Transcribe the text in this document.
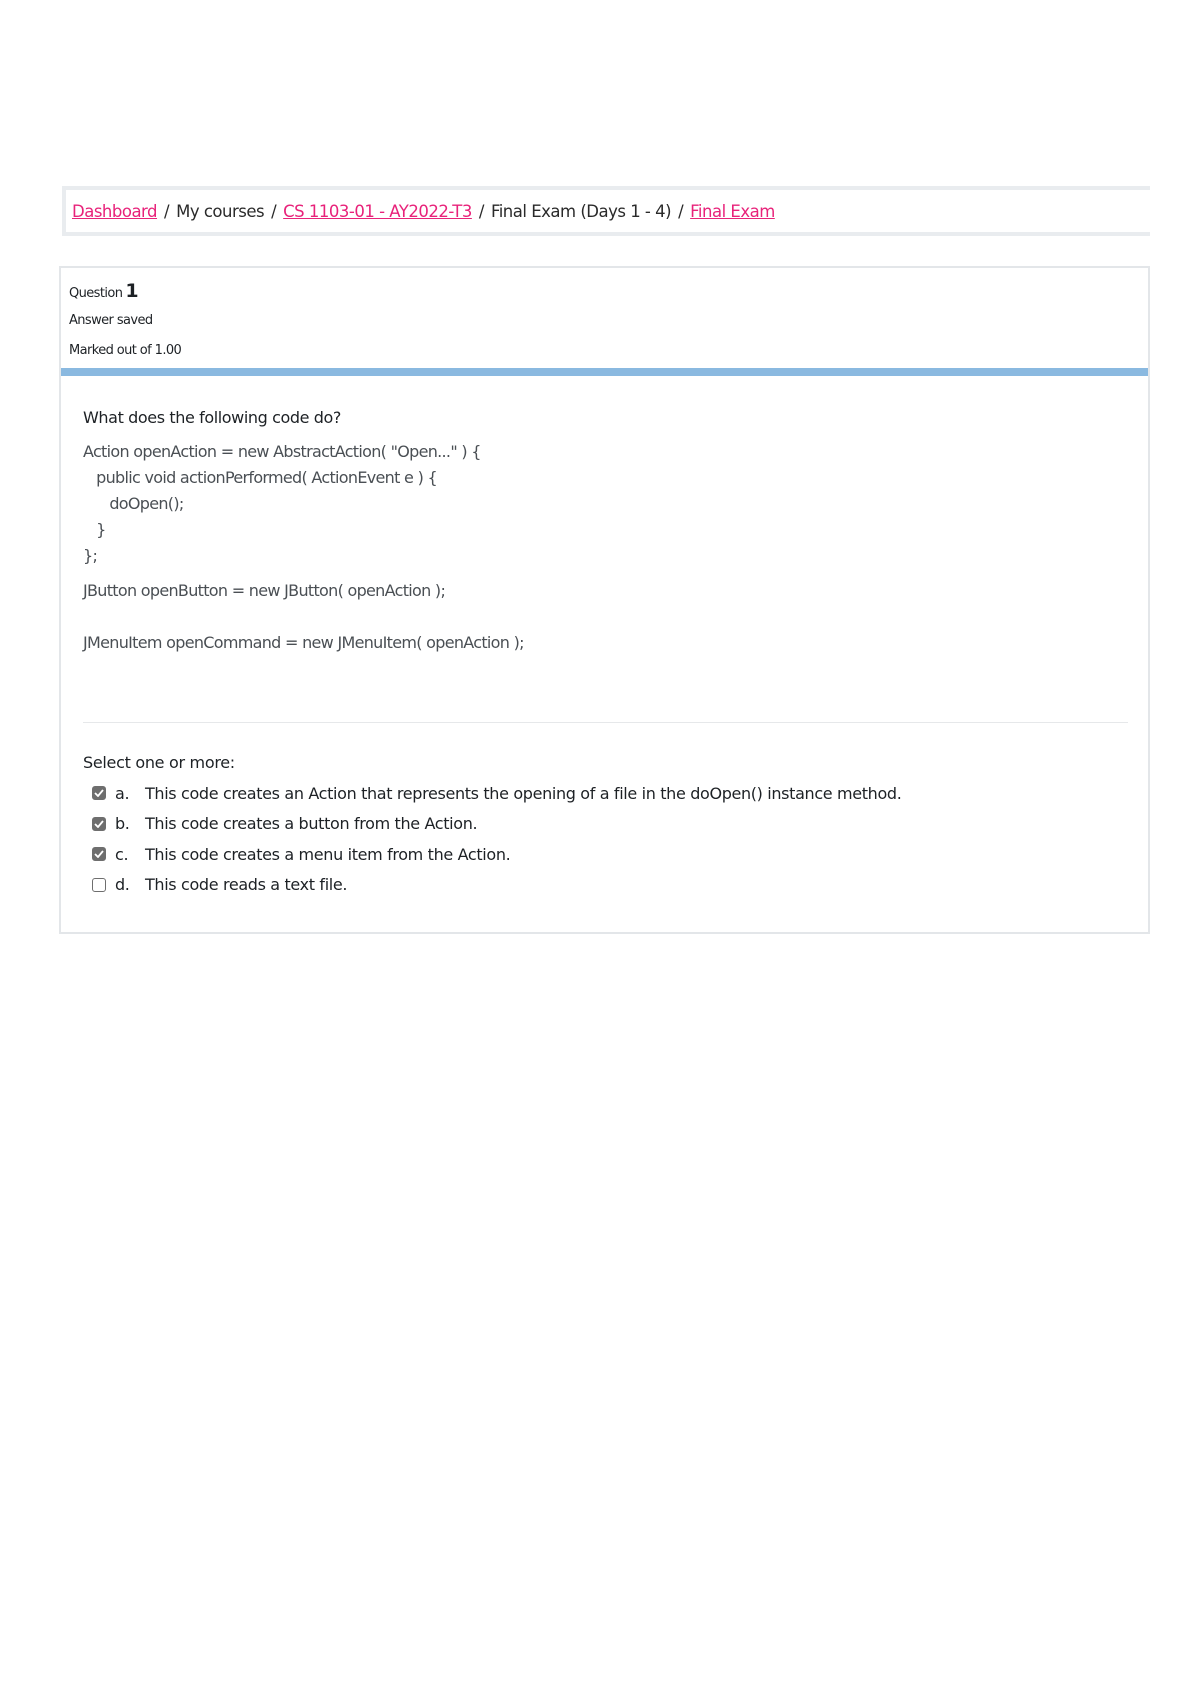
Dashboard / My courses / CS 1103-01 - AY2022-T3 / Final Exam (Days 1 - 4) / Final Exam
Question 1
Answer saved
Marked out of 1.00

What does the following code do?

Action openAction = new AbstractAction( "Open..." ) {
public void actionPerformed( ActionEvent e ) {
doOpen();
}
};
JButton openButton = new JButton( openAction );
JMenuItem openCommand = new JMenuItem( openAction );
Select one or more:
a. This code creates an Action that represents the opening of a file in the doOpen() instance method.
b. This code creates a button from the Action.
c.	This code creates a menu item from the Action.
d. This code reads a text file.
